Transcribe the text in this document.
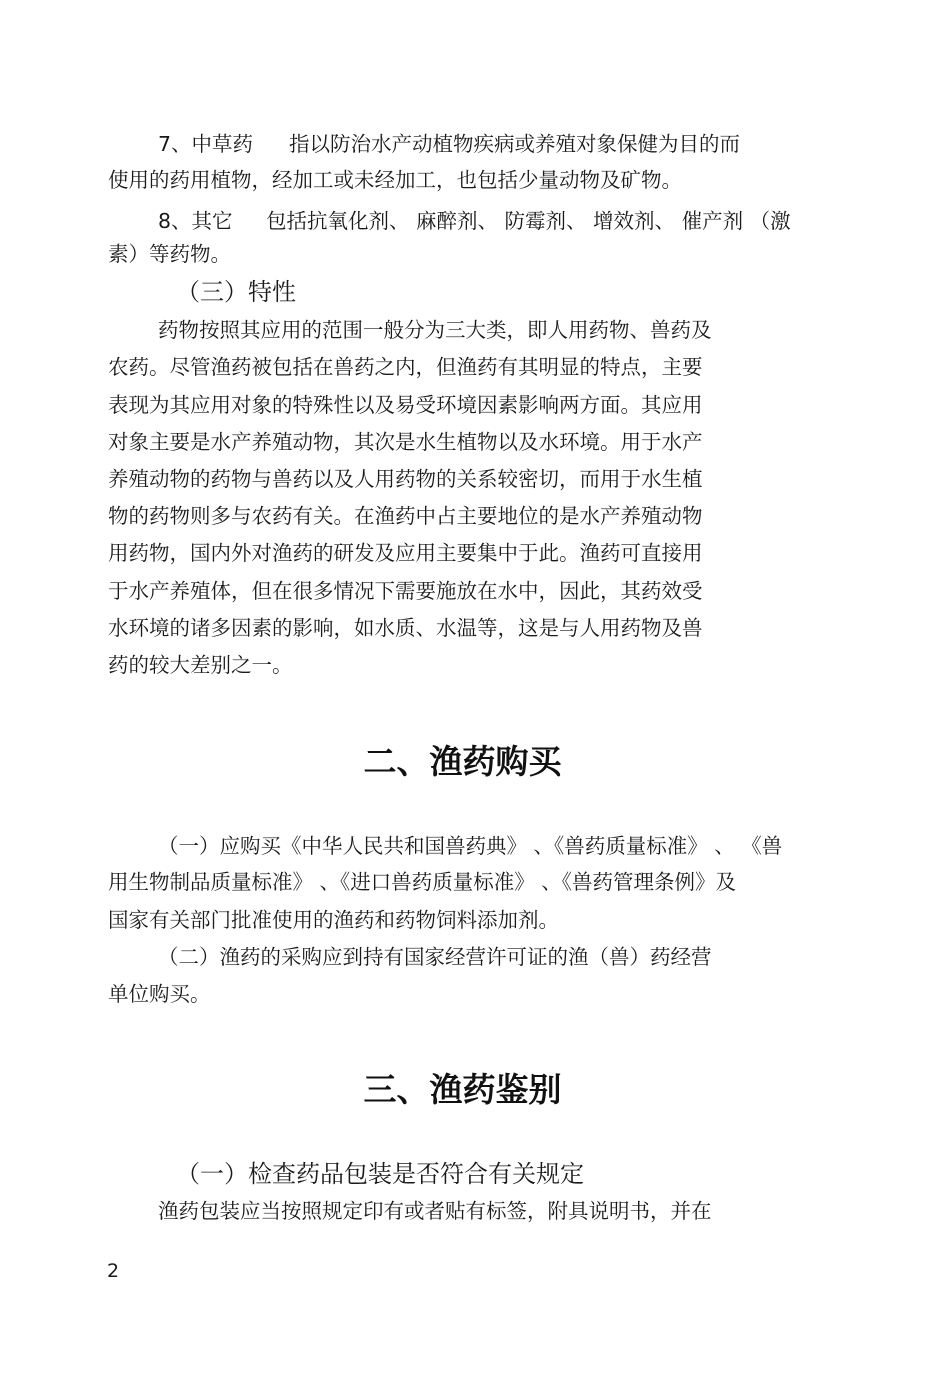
7、中草药 指以防治水产动植物疾病或养殖对象保健为目的而

使用的药用植物，经加工或未经加工，也包括少量动物及矿物。

8、其它 包括抗氧化剂、 麻醉剂、 防霉剂、 增效剂、 催产剂 （激

素）等药物。

（三）特性

药物按照其应用的范围一般分为三大类，即人用药物、兽药及

农药。尽管渔药被包括在兽药之内，但渔药有其明显的特点，主要

表现为其应用对象的特殊性以及易受环境因素影响两方面。其应用

对象主要是水产养殖动物，其次是水生植物以及水环境。用于水产

养殖动物的药物与兽药以及人用药物的关系较密切，而用于水生植

物的药物则多与农药有关。在渔药中占主要地位的是水产养殖动物

用药物，国内外对渔药的研发及应用主要集中于此。渔药可直接用

于水产养殖体，但在很多情况下需要施放在水中，因此，其药效受

水环境的诸多因素的影响，如水质、水温等，这是与人用药物及兽

药的较大差别之一。

二、渔药购买

（一）应购买《中华人民共和国兽药典》 、《兽药质量标准》 、 《兽

用生物制品质量标准》 、《进口兽药质量标准》 、《兽药管理条例》及

国家有关部门批准使用的渔药和药物饲料添加剂。

（二）渔药的采购应到持有国家经营许可证的渔（兽）药经营

单位购买。

三、渔药鉴别

（一）检查药品包装是否符合有关规定

渔药包装应当按照规定印有或者贴有标签，附具说明书，并在

2
